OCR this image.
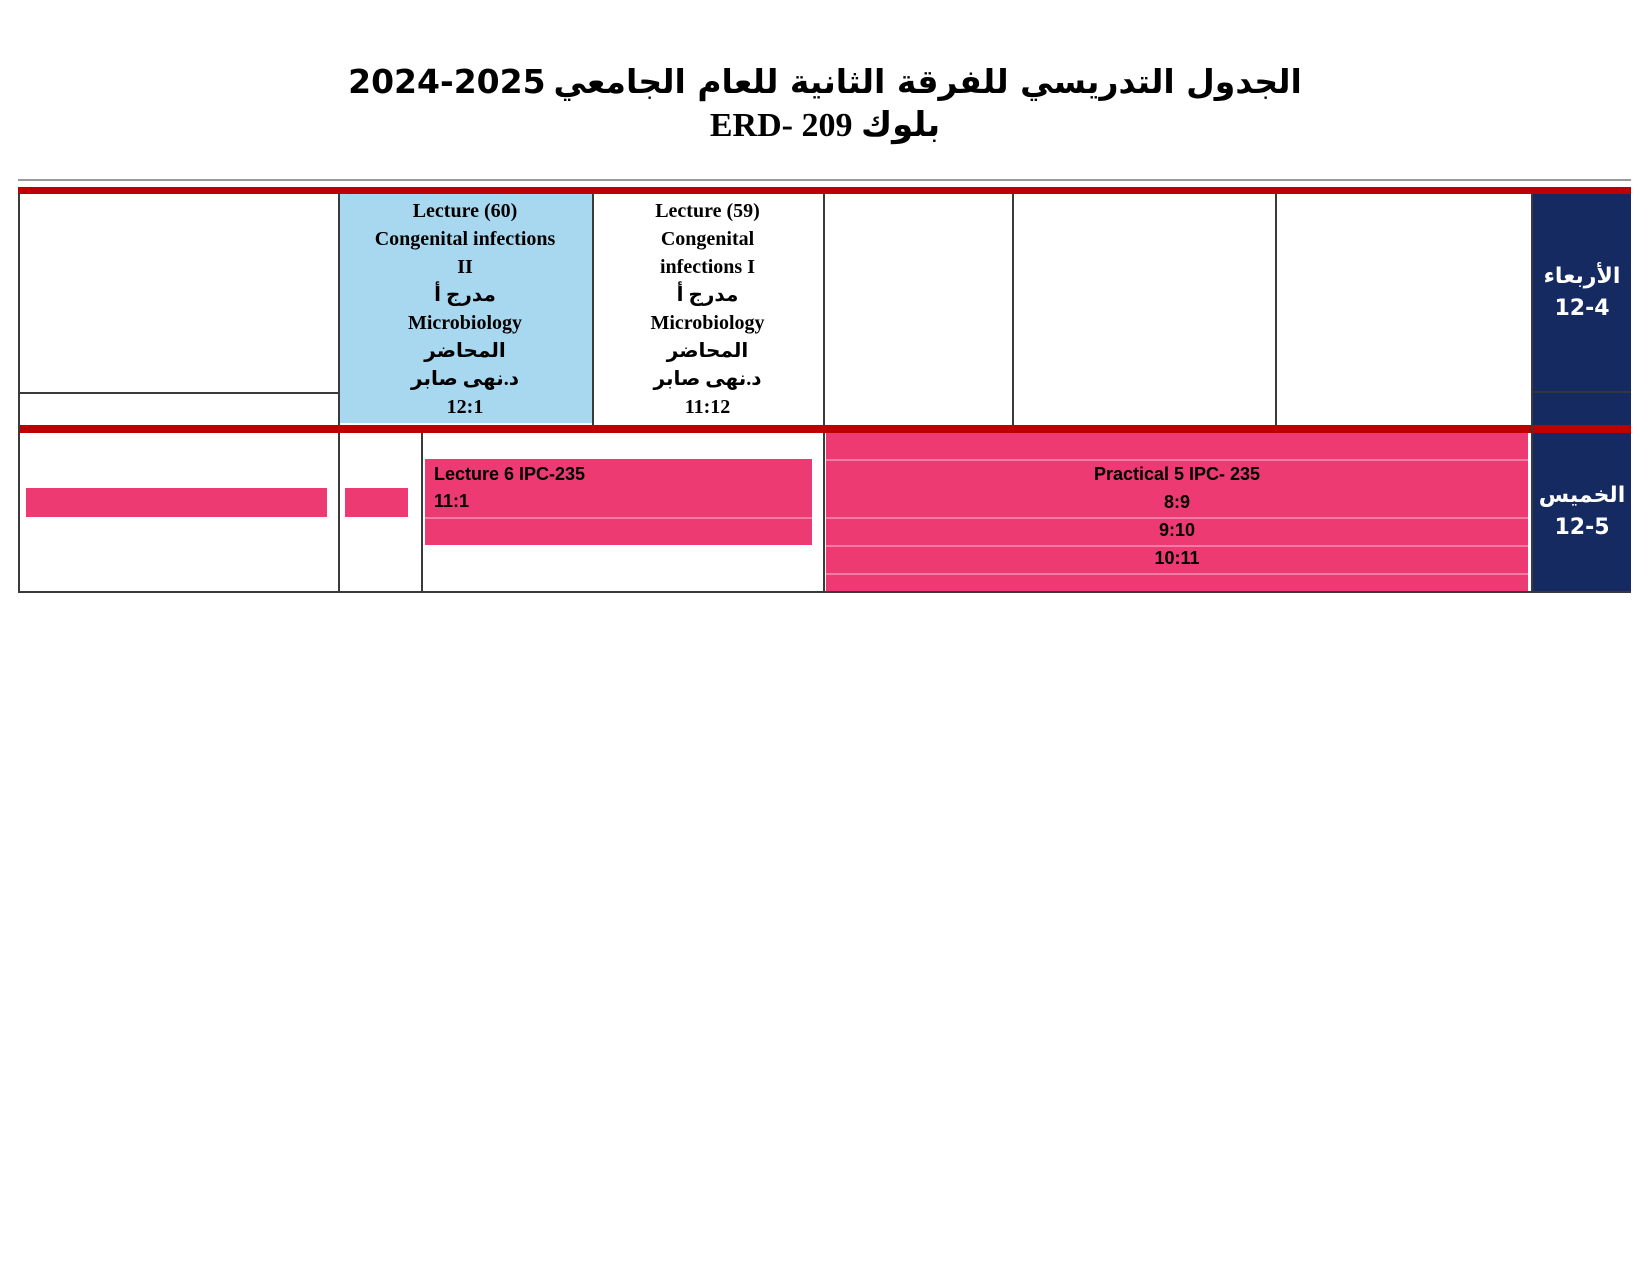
الجدول التدريسي للفرقة الثانية للعام الجامعي2025-2024
ERD- 209 بلوك
Lecture (60)
Congenital infections
II
مدرج أ
Microbiology
المحاضر
د.نهى صابر
12:1
Lecture (59)
Congenital
infections I
مدرج أ
Microbiology
المحاضر
د.نهى صابر
11:12
الأربعاء
12-4
Lecture 6 IPC-235
11:1
Practical 5 IPC- 235
8:9
9:10
10:11
الخميس
12-5
